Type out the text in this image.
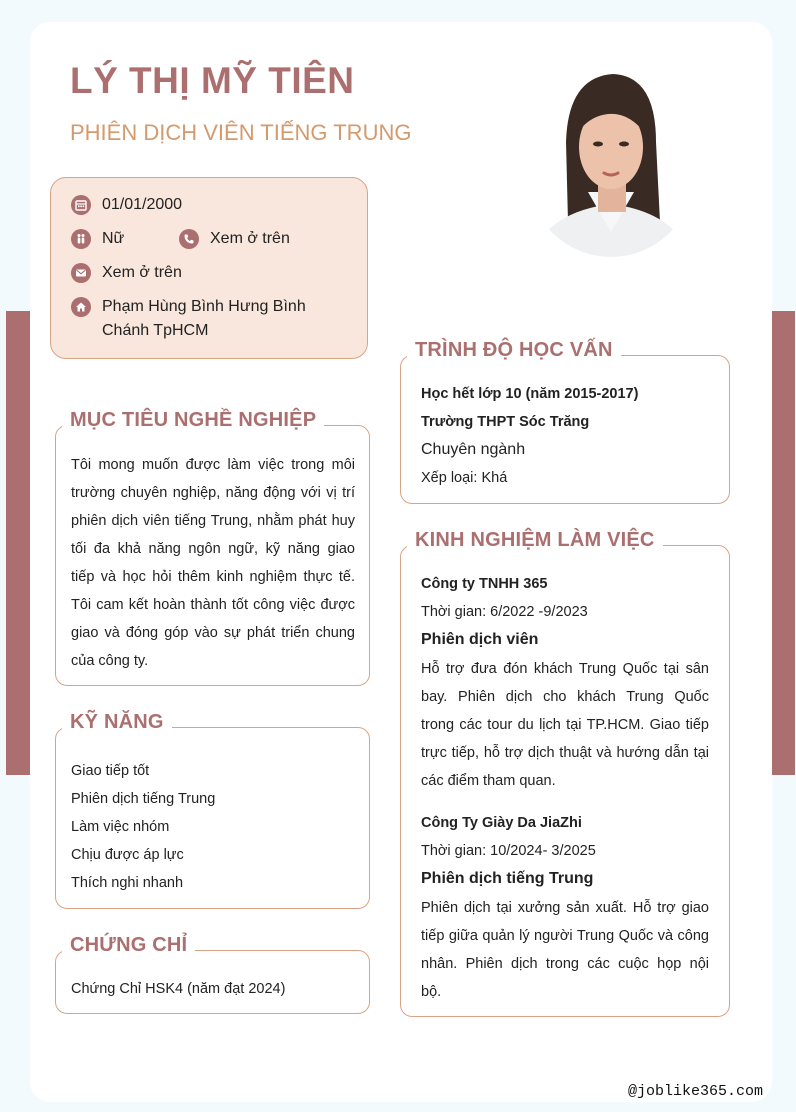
LÝ THỊ MỸ TIÊN
PHIÊN DỊCH VIÊN TIẾNG TRUNG
01/01/2000
Nữ	Xem ở trên
Xem ở trên
Phạm Hùng Bình Hưng Bình
Chánh TpHCM
MỤC TIÊU NGHỀ NGHIỆP
Tôi mong muốn được làm việc trong môi
trường chuyên nghiệp, năng động với vị trí
phiên dịch viên tiếng Trung, nhằm phát huy
tối đa khả năng ngôn ngữ, kỹ năng giao
tiếp và học hỏi thêm kinh nghiệm thực tế.
Tôi cam kết hoàn thành tốt công việc được
giao và đóng góp vào sự phát triển chung
của công ty.
KỸ NĂNG
Giao tiếp tốt
Phiên dịch tiếng Trung
Làm việc nhóm
Chịu được áp lực
Thích nghi nhanh
CHỨNG CHỈ
Chứng Chỉ HSK4 (năm đạt 2024)
TRÌNH ĐỘ HỌC VẤN
Học hết lớp 10 (năm 2015-2017)
Trường THPT Sóc Trăng
Chuyên ngành
Xếp loại: Khá
KINH NGHIỆM LÀM VIỆC
Công ty TNHH 365
Thời gian: 6/2022 -9/2023
Phiên dịch viên
Hỗ trợ đưa đón khách Trung Quốc tại sân
bay. Phiên dịch cho khách Trung Quốc
trong các tour du lịch tại TP.HCM. Giao tiếp
trực tiếp, hỗ trợ dịch thuật và hướng dẫn tại
các điểm tham quan.
Công Ty Giày Da JiaZhi
Thời gian: 10/2024- 3/2025
Phiên dịch tiếng Trung
Phiên dịch tại xưởng sản xuất. Hỗ trợ giao
tiếp giữa quản lý người Trung Quốc và công
nhân. Phiên dịch trong các cuộc họp nội
bộ.
@joblike365.com
